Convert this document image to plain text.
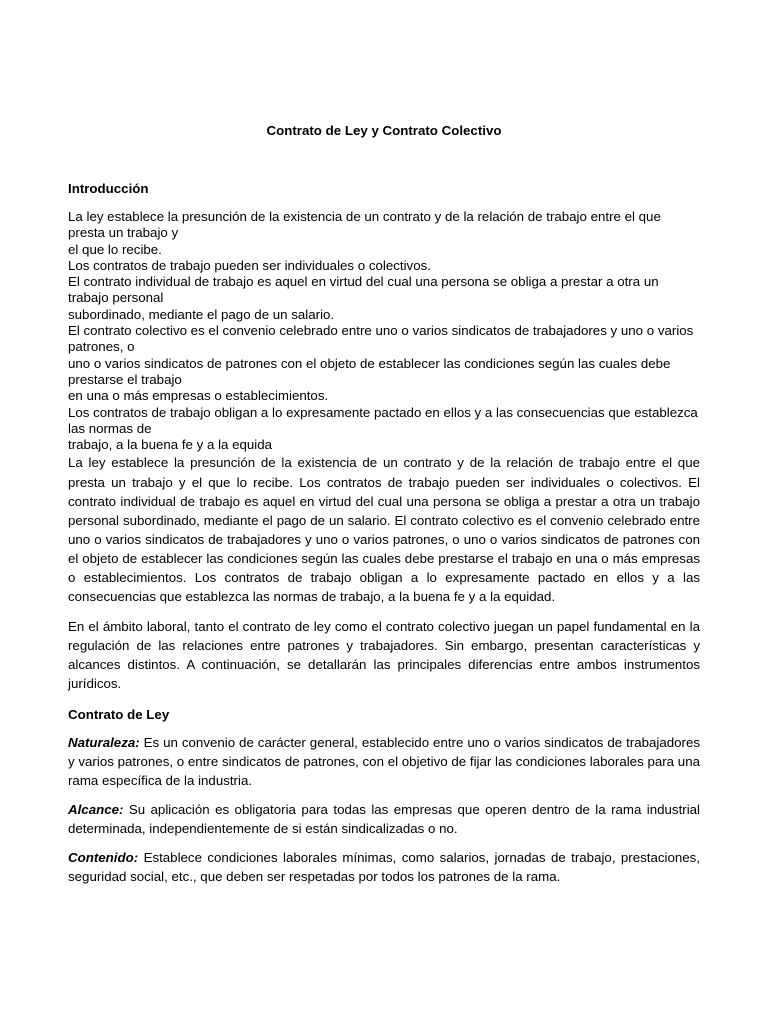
Contrato de Ley y Contrato Colectivo

Introducción

La ley establece la presunción de la existencia de un contrato y de la relación de trabajo entre el que presta un trabajo y
el que lo recibe.
Los contratos de trabajo pueden ser individuales o colectivos.
El contrato individual de trabajo es aquel en virtud del cual una persona se obliga a prestar a otra un trabajo personal
subordinado, mediante el pago de un salario.
El contrato colectivo es el convenio celebrado entre uno o varios sindicatos de trabajadores y uno o varios patrones, o
uno o varios sindicatos de patrones con el objeto de establecer las condiciones según las cuales debe prestarse el trabajo
en una o más empresas o establecimientos.
Los contratos de trabajo obligan a lo expresamente pactado en ellos y a las consecuencias que establezca las normas de
trabajo, a la buena fe y a la equida

La ley establece la presunción de la existencia de un contrato y de la relación de trabajo entre el que presta un trabajo y el que lo recibe. Los contratos de trabajo pueden ser individuales o colectivos. El contrato individual de trabajo es aquel en virtud del cual una persona se obliga a prestar a otra un trabajo personal subordinado, mediante el pago de un salario. El contrato colectivo es el convenio celebrado entre uno o varios sindicatos de trabajadores y uno o varios patrones, o uno o varios sindicatos de patrones con el objeto de establecer las condiciones según las cuales debe prestarse el trabajo en una o más empresas o establecimientos. Los contratos de trabajo obligan a lo expresamente pactado en ellos y a las consecuencias que establezca las normas de trabajo, a la buena fe y a la equidad.

En el ámbito laboral, tanto el contrato de ley como el contrato colectivo juegan un papel fundamental en la regulación de las relaciones entre patrones y trabajadores. Sin embargo, presentan características y alcances distintos. A continuación, se detallarán las principales diferencias entre ambos instrumentos jurídicos.

Contrato de Ley

Naturaleza: Es un convenio de carácter general, establecido entre uno o varios sindicatos de trabajadores y varios patrones, o entre sindicatos de patrones, con el objetivo de fijar las condiciones laborales para una rama específica de la industria.

Alcance: Su aplicación es obligatoria para todas las empresas que operen dentro de la rama industrial determinada, independientemente de si están sindicalizadas o no.

Contenido: Establece condiciones laborales mínimas, como salarios, jornadas de trabajo, prestaciones, seguridad social, etc., que deben ser respetadas por todos los patrones de la rama.
